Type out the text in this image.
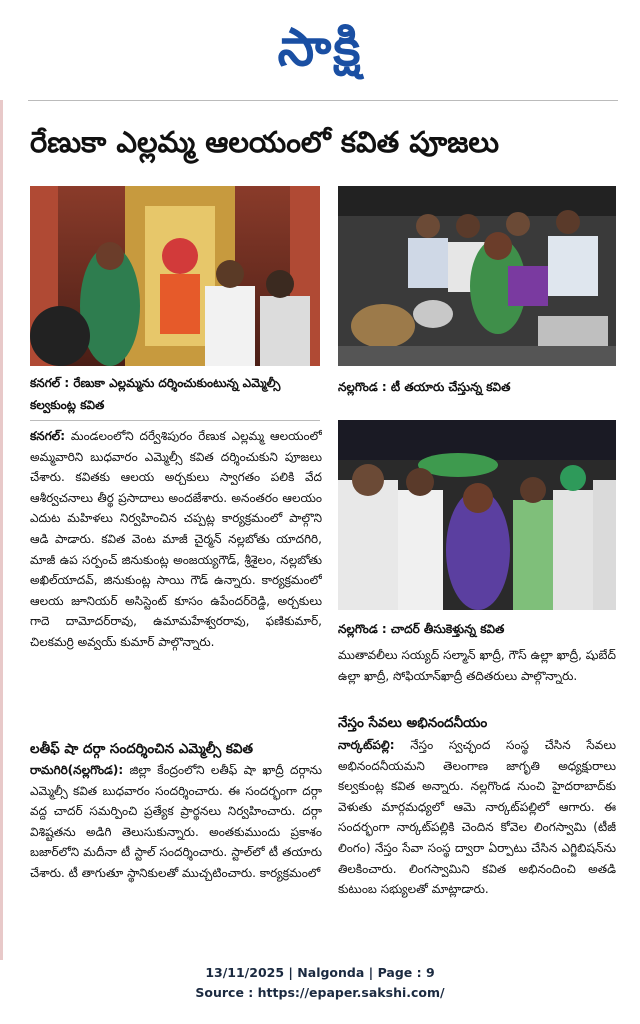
సాక్షి
రేణుకా ఎల్లమ్మ ఆలయంలో కవిత పూజలు
కనగల్ : రేణుకా ఎల్లమ్మను దర్శించుకుంటున్న ఎమ్మెల్సీ కల్వకుంట్ల కవిత
నల్లగొండ : టీ తయారు చేస్తున్న కవిత
నల్లగొండ : చాదర్ తీసుకెళ్తున్న కవిత

కనగల్: మండలంలోని దర్వేశిపురం రేణుక ఎల్లమ్మ ఆలయంలో అమ్మవారిని బుధవారం ఎమ్మెల్సీ కవిత దర్శించుకుని పూజలు చేశారు. కవితకు ఆలయ అర్చకులు స్వాగతం పలికి వేద ఆశీర్వచనాలు తీర్థ ప్రసాదాలు అందజేశారు. అనంతరం ఆలయం ఎదుట మహిళలు నిర్వహించిన చప్పట్ల కార్యక్రమంలో పాల్గొని ఆడి పాడారు. కవిత వెంట మాజీ చైర్మన్ నల్లబోతు యాదగిరి, మాజీ ఉప సర్పంచ్ జినుకుంట్ల అంజయ్యగౌడ్, శ్రీశైలం, నల్లబోతు అఖిల్‌యాదవ్, జినుకుంట్ల సాయి గౌడ్ ఉన్నారు. కార్యక్రమంలో ఆలయ జూనియర్ అసిస్టెంట్ కూసం ఉపేందర్‌రెడ్డి, అర్చకులు గాదె దామోదర్‌రావు, ఉమామహేశ్వరరావు, ఫణికుమార్, చిలకమర్రి అవ్వయ్ కుమార్ పాల్గొన్నారు.

లతీఫ్ షా దర్గా సందర్శించిన ఎమ్మెల్సీ కవిత

రామగిరి(నల్లగొండ): జిల్లా కేంద్రంలోని లతీఫ్ షా ఖాద్రీ దర్గాను ఎమ్మెల్సీ కవిత బుధవారం సందర్శించారు. ఈ సందర్భంగా దర్గా వద్ద చాదర్ సమర్పించి ప్రత్యేక ప్రార్థనలు నిర్వహించారు. దర్గా విశిష్టతను అడిగి తెలుసుకున్నారు. అంతకుముందు ప్రకాశం బజార్‌లోని మదీనా టీ స్టాల్ సందర్శించారు. స్టాల్‌లో టీ తయారు చేశారు. టీ తాగుతూ స్థానికులతో ముచ్చటించారు. కార్యక్రమంలో

ముతావలీలు సయ్యద్ సల్మాన్ ఖాద్రీ, గౌస్ ఉల్లా ఖాద్రీ, షుబేద్ ఉల్లా ఖాద్రీ, సోఫియాన్‌ఖాద్రీ తదితరులు పాల్గొన్నారు.

నేస్తం సేవలు అభినందనీయం

నార్కట్‌పల్లి: నేస్తం స్వచ్ఛంద సంస్థ చేసిన సేవలు అభినందనీయమని తెలంగాణ జాగృతి అధ్యక్షురాలు కల్వకుంట్ల కవిత అన్నారు. నల్లగొండ నుంచి హైదరాబాద్‌కు వెళుతు మార్గమధ్యలో ఆమె నార్కట్‌పల్లిలో ఆగారు. ఈ సందర్భంగా నార్కట్‌పల్లికి చెందిన కోవెల లింగస్వామి (టీజీ లింగం) నేస్తం సేవా సంస్థ ద్వారా ఏర్పాటు చేసిన ఎగ్జిబిషన్‌ను తిలకించారు. లింగస్వామిని కవిత అభినందించి అతడి కుటుంబ సభ్యులతో మాట్లాడారు.

13/11/2025 | Nalgonda | Page : 9
Source : https://epaper.sakshi.com/
